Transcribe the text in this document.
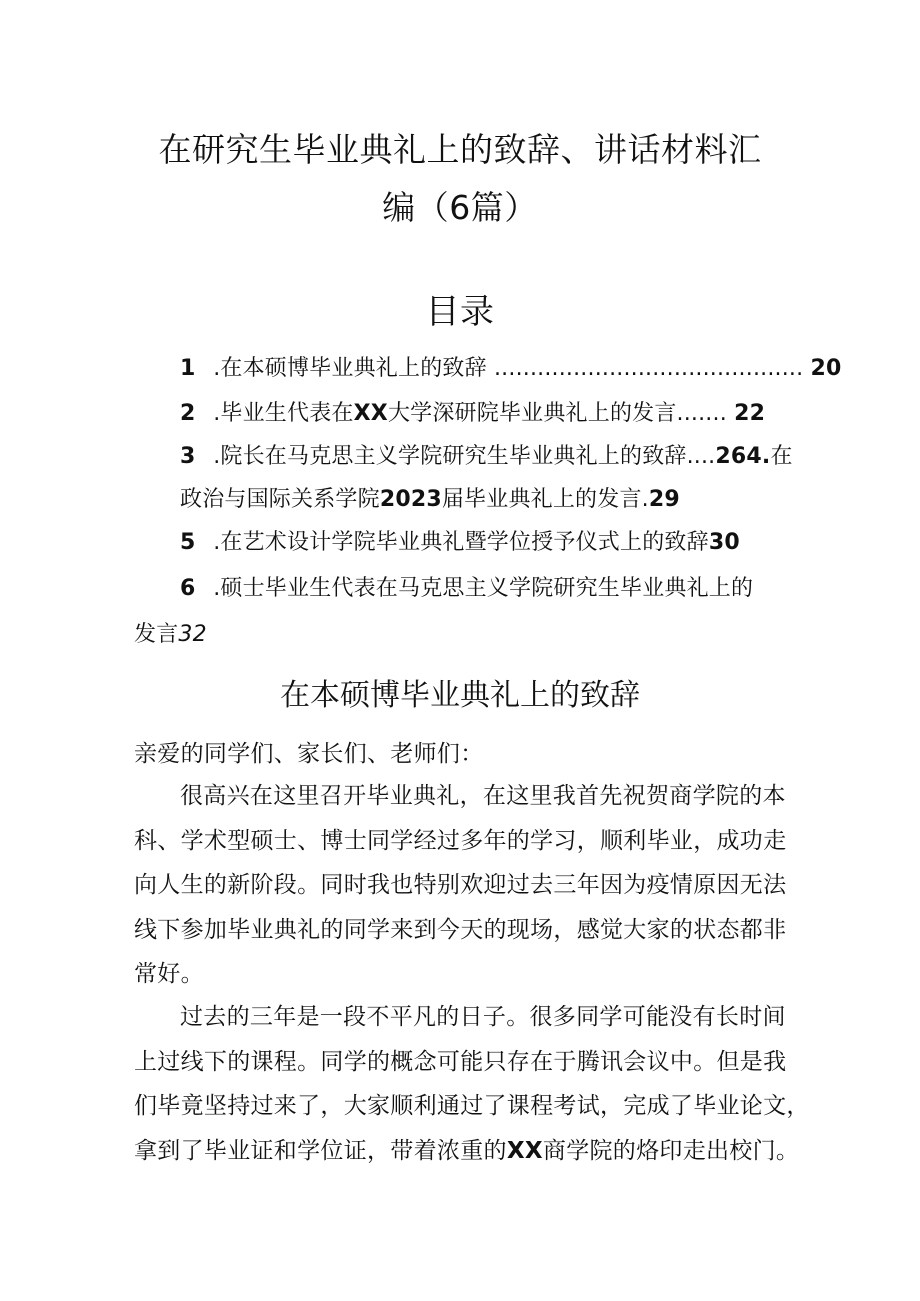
在研究生毕业典礼上的致辞、讲话材料汇
编（6篇）
目录
1 .在本硕博毕业典礼上的致辞 ........................................... 20
2 .毕业生代表在XX大学深研院毕业典礼上的发言....... 22
3 .院长在马克思主义学院研究生毕业典礼上的致辞....264.在
政治与国际关系学院2023届毕业典礼上的发言.29
5 .在艺术设计学院毕业典礼暨学位授予仪式上的致辞30
6 .硕士毕业生代表在马克思主义学院研究生毕业典礼上的
发言32
在本硕博毕业典礼上的致辞
亲爱的同学们、家长们、老师们：
很高兴在这里召开毕业典礼，在这里我首先祝贺商学院的本
科、学术型硕士、博士同学经过多年的学习，顺利毕业，成功走
向人生的新阶段。同时我也特别欢迎过去三年因为疫情原因无法
线下参加毕业典礼的同学来到今天的现场，感觉大家的状态都非
常好。
过去的三年是一段不平凡的日子。很多同学可能没有长时间
上过线下的课程。同学的概念可能只存在于腾讯会议中。但是我
们毕竟坚持过来了，大家顺利通过了课程考试，完成了毕业论文，
拿到了毕业证和学位证，带着浓重的XX商学院的烙印走出校门。
